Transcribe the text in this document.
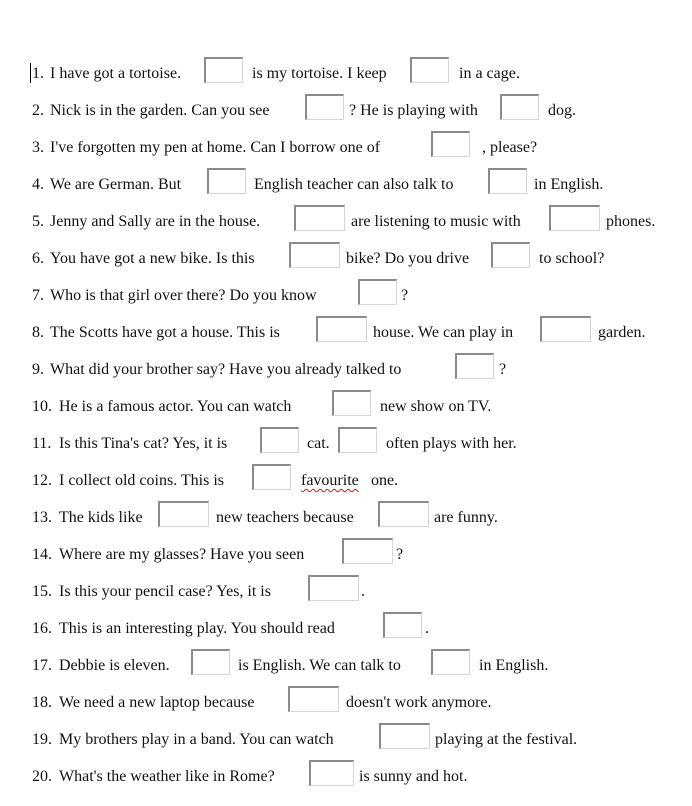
1. I have got a tortoise.	is my tortoise. I keep	in a cage.
2. Nick is in the garden. Can you see	? He is playing with	dog.
3. I've forgotten my pen at home. Can I borrow one of	, please?
4. We are German. But	English teacher can also talk to	in English.
5. Jenny and Sally are in the house.	are listening to music with	phones.
6. You have got a new bike. Is this	bike? Do you drive	to school?
7. Who is that girl over there? Do you know	?
8. The Scotts have got a house. This is	house. We can play in	garden.
9. What did your brother say? Have you already talked to	?
10. He is a famous actor. You can watch	new show on TV.
11. Is this Tina's cat? Yes, it is	cat.	often plays with her.
12. I collect old coins. This is	favourite one.
13. The kids like	new teachers because	are funny.
14. Where are my glasses? Have you seen	?
15. Is this your pencil case? Yes, it is	.
16. This is an interesting play. You should read	.
17. Debbie is eleven.	is English. We can talk to	in English.
18. We need a new laptop because	doesn't work anymore.
19. My brothers play in a band. You can watch	playing at the festival.
20. What's the weather like in Rome?	is sunny and hot.
